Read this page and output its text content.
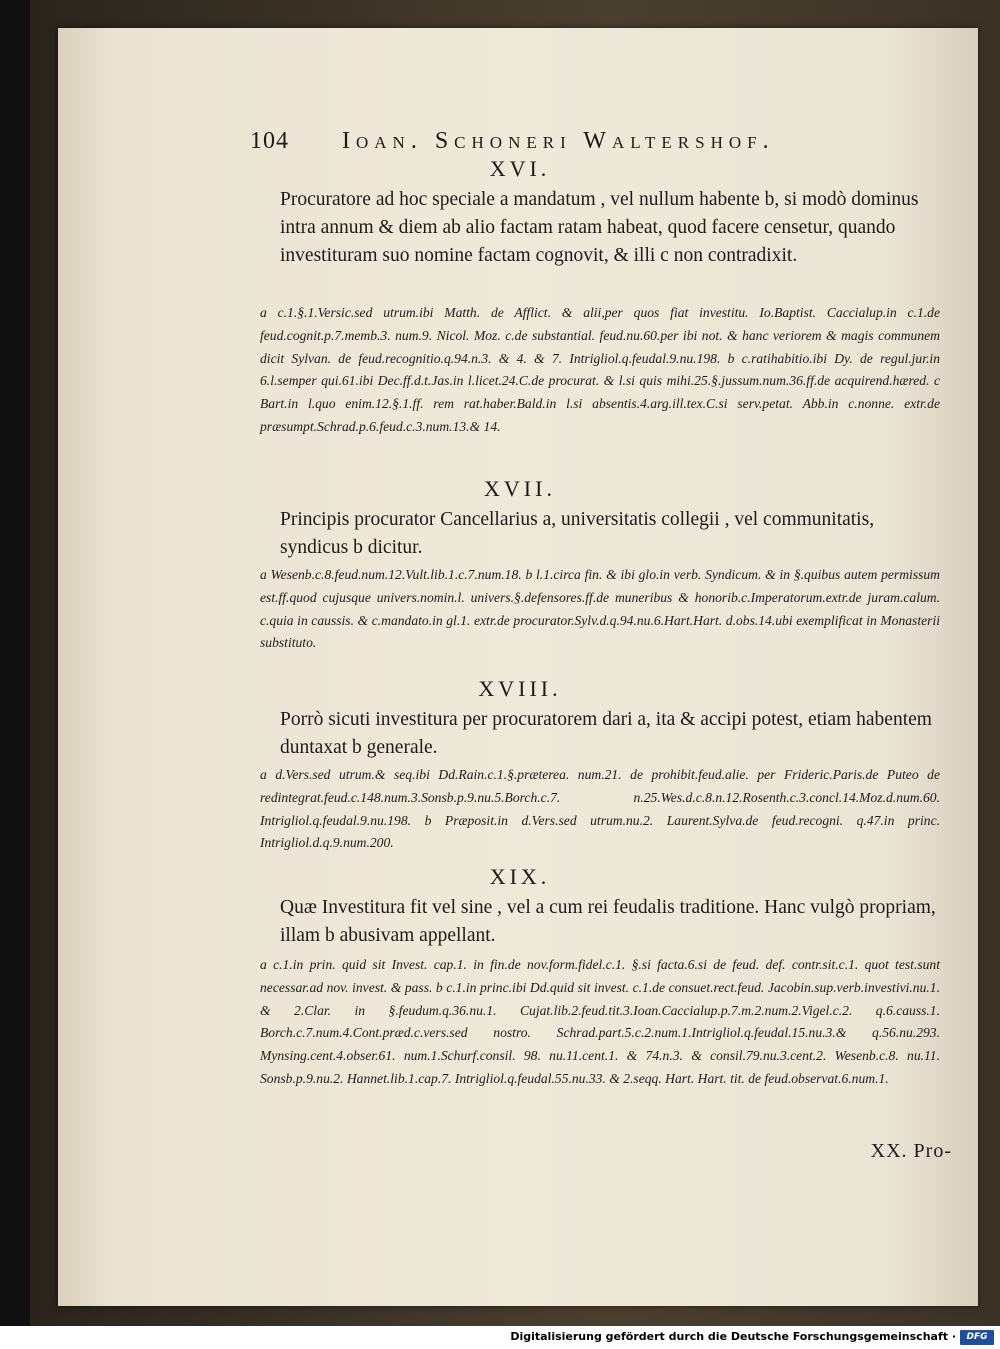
104 Ioan. Schoneri Waltershof.
XVI.

Procuratore ad hoc speciale a mandatum , vel nullum habente b, si modò dominus intra annum & diem ab alio factam ratam habeat, quod facere censetur, quando investituram suo nomine factam cognovit, & illi c non contradixit.

a c.1.§.1.Versic.sed utrum.ibi Matth. de Afflict. & alii,per quos fiat investitu. Io.Baptist. Caccialup.in c.1.de feud.cognit.p.7.memb.3. num.9. Nicol. Moz. c.de substantial. feud.nu.60.per ibi not. & hanc veriorem & magis communem dicit Sylvan. de feud.recognitio.q.94.n.3. & 4. & 7. Intrigliol.q.feudal.9.nu.198. b c.ratihabitio.ibi Dy. de regul.jur.in 6.l.semper qui.61.ibi Dec.ff.d.t.Jas.in l.licet.24.C.de procurat. & l.si quis mihi.25.§.jussum.num.36.ff.de acquirend.hæred. c Bart.in l.quo enim.12.§.1.ff. rem rat.haber.Bald.in l.si absentis.4.arg.ill.tex.C.si serv.petat. Abb.in c.nonne. extr.de præsumpt.Schrad.p.6.feud.c.3.num.13.& 14.

XVII.

Principis procurator Cancellarius a, universitatis collegii , vel communitatis, syndicus b dicitur.

a Wesenb.c.8.feud.num.12.Vult.lib.1.c.7.num.18. b l.1.circa fin. & ibi glo.in verb. Syndicum. & in §.quibus autem permissum est.ff.quod cujusque univers.nomin.l. univers.§.defensores.ff.de muneribus & honorib.c.Imperatorum.extr.de juram.calum. c.quia in caussis. & c.mandato.in gl.1. extr.de procurator.Sylv.d.q.94.nu.6.Hart.Hart. d.obs.14.ubi exemplificat in Monasterii substituto.

XVIII.

Porrò sicuti investitura per procuratorem dari a, ita & accipi potest, etiam habentem duntaxat b generale.

a d.Vers.sed utrum.& seq.ibi Dd.Rain.c.1.§.præterea. num.21. de prohibit.feud.alie. per Frideric.Paris.de Puteo de redintegrat.feud.c.148.num.3.Sonsb.p.9.nu.5.Borch.c.7. n.25.Wes.d.c.8.n.12.Rosenth.c.3.concl.14.Moz.d.num.60. Intrigliol.q.feudal.9.nu.198. b Præposit.in d.Vers.sed utrum.nu.2. Laurent.Sylva.de feud.recogni. q.47.in princ. Intrigliol.d.q.9.num.200.

XIX.

Quæ Investitura fit vel sine , vel a cum rei feudalis traditione. Hanc vulgò propriam, illam b abusivam appellant.

a c.1.in prin. quid sit Invest. cap.1. in fin.de nov.form.fidel.c.1. §.si facta.6.si de feud. def. contr.sit.c.1. quot test.sunt necessar.ad nov. invest. & pass. b c.1.in princ.ibi Dd.quid sit invest. c.1.de consuet.rect.feud. Jacobin.sup.verb.investivi.nu.1. & 2.Clar. in §.feudum.q.36.nu.1. Cujat.lib.2.feud.tit.3.Ioan.Caccialup.p.7.m.2.num.2.Vigel.c.2. q.6.causs.1. Borch.c.7.num.4.Cont.præd.c.vers.sed nostro. Schrad.part.5.c.2.num.1.Intrigliol.q.feudal.15.nu.3.& q.56.nu.293. Mynsing.cent.4.obser.61. num.1.Schurf.consil. 98. nu.11.cent.1. & 74.n.3. & consil.79.nu.3.cent.2. Wesenb.c.8. nu.11. Sonsb.p.9.nu.2. Hannet.lib.1.cap.7. Intrigliol.q.feudal.55.nu.33. & 2.seqq. Hart. Hart. tit. de feud.observat.6.num.1.

XX. Pro-
Digitalisierung gefördert durch die Deutsche Forschungsgemeinschaft ·	DFG
